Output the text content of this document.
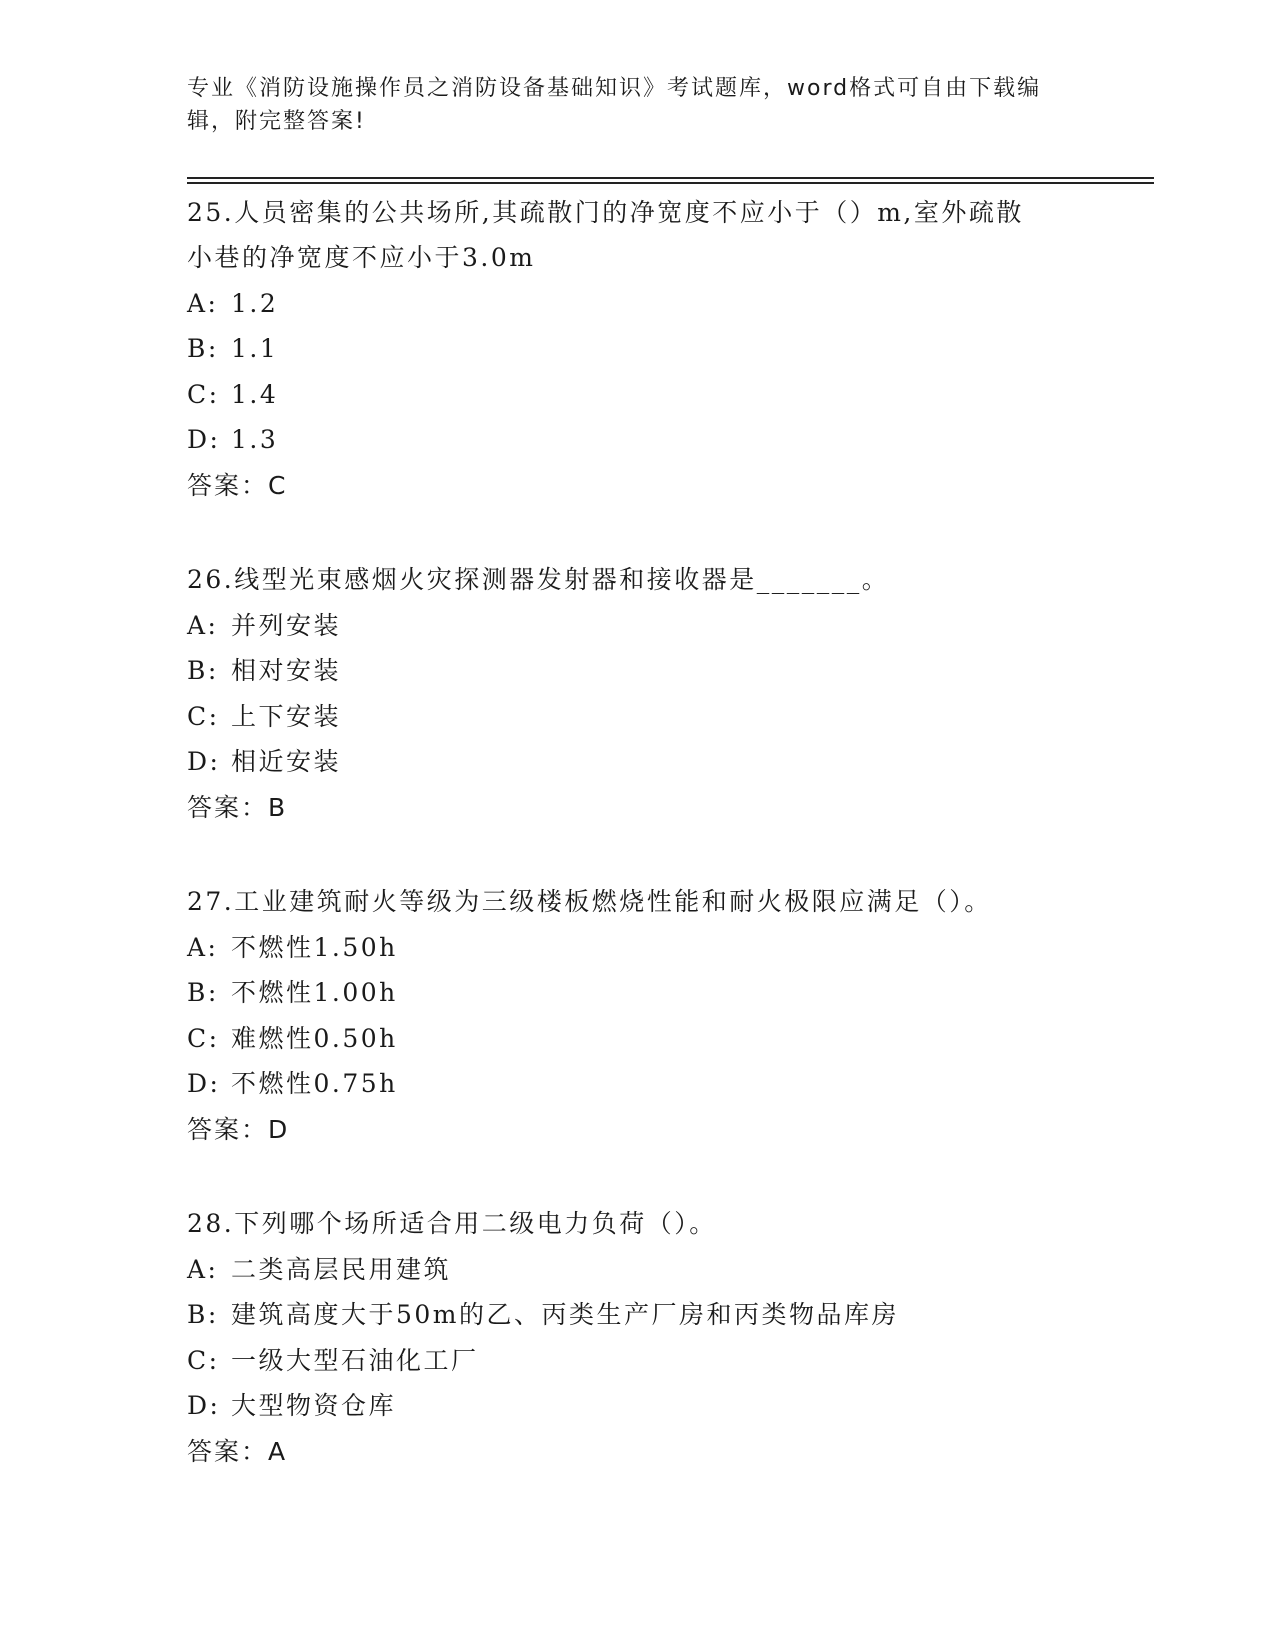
专业《消防设施操作员之消防设备基础知识》考试题库，word格式可自由下载编
辑，附完整答案!

25.人员密集的公共场所,其疏散门的净宽度不应小于（）m,室外疏散

小巷的净宽度不应小于3.0m

A: 1.2

B: 1.1

C: 1.4

D: 1.3

答案：C

26.线型光束感烟火灾探测器发射器和接收器是_______。

A: 并列安装

B: 相对安装

C: 上下安装

D: 相近安装

答案：B

27.工业建筑耐火等级为三级楼板燃烧性能和耐火极限应满足（）。

A: 不燃性1.50h

B: 不燃性1.00h

C: 难燃性0.50h

D: 不燃性0.75h

答案：D

28.下列哪个场所适合用二级电力负荷（）。

A: 二类高层民用建筑

B: 建筑高度大于50m的乙、丙类生产厂房和丙类物品库房

C: 一级大型石油化工厂

D: 大型物资仓库

答案：A
